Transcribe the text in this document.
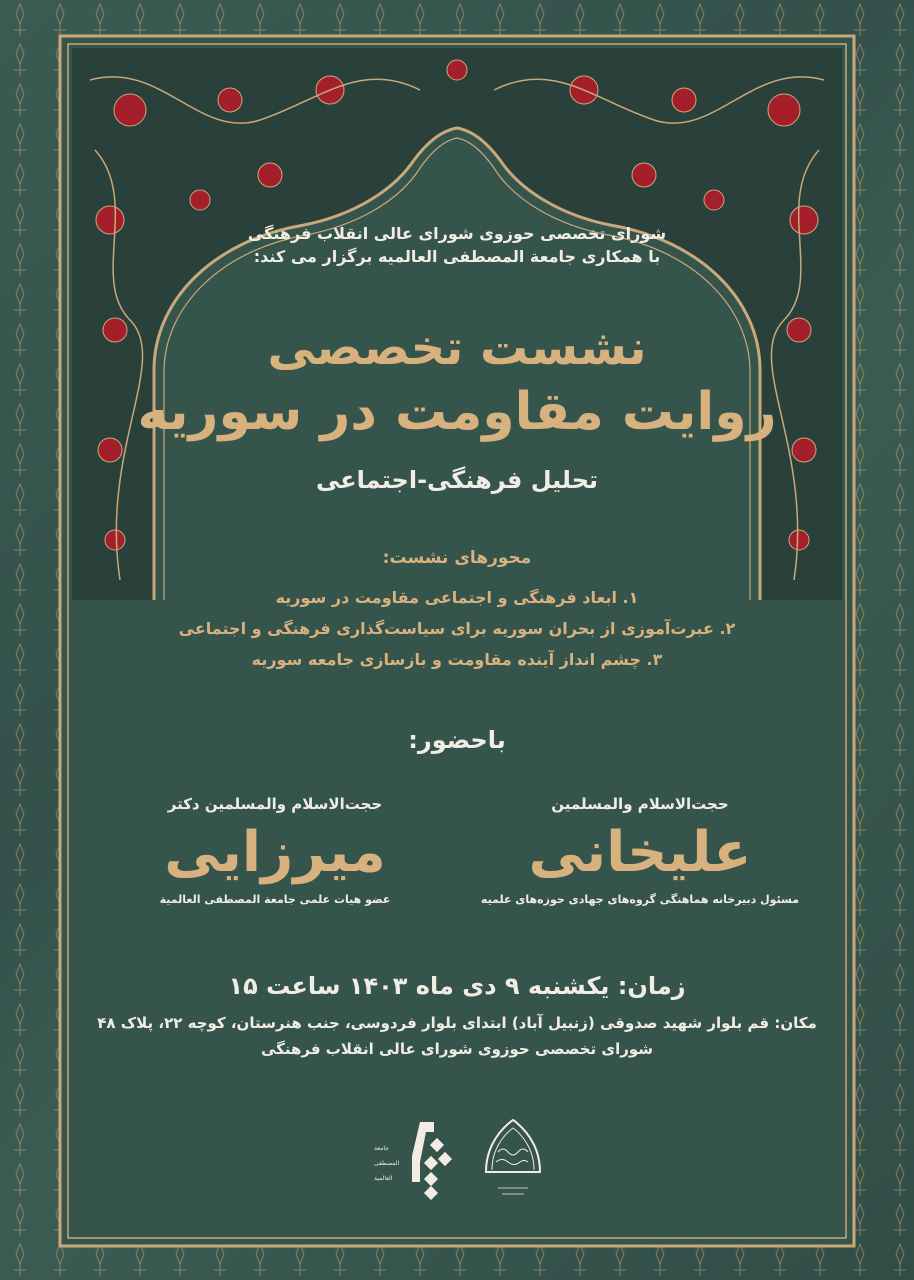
شورای تخصصی حوزوی شورای عالی انقلاب فرهنگی
با همکاری جامعة المصطفی العالمیه برگزار می کند:
نشست تخصصی
روایت مقاومت در سوریه
تحلیل فرهنگی-اجتماعی
محورهای نشست:
۱. ابعاد فرهنگی و اجتماعی مقاومت در سوریه
۲. عبرت‌آموزی از بحران سوریه برای سیاست‌گذاری فرهنگی و اجتماعی
۳. چشم انداز آینده مقاومت و بازسازی جامعه سوریه
باحضور:
حجت‌الاسلام والمسلمین
علیخانی
مسئول دبیرخانه هماهنگی گروه‌های جهادی حوزه‌های علمیه
حجت‌الاسلام والمسلمین دکتر
میرزایی
عضو هیات علمی جامعة المصطفی العالمیة
زمان: یکشنبه ۹ دی ماه ۱۴۰۳ ساعت ۱۵
مکان: قم بلوار شهید صدوقی (زنبیل آباد) ابتدای بلوار فردوسی، جنب هنرستان، کوچه ۲۲، پلاک ۴۸
شورای تخصصی حوزوی شورای عالی انقلاب فرهنگی
جامعة
المصطفی
العالمیة
